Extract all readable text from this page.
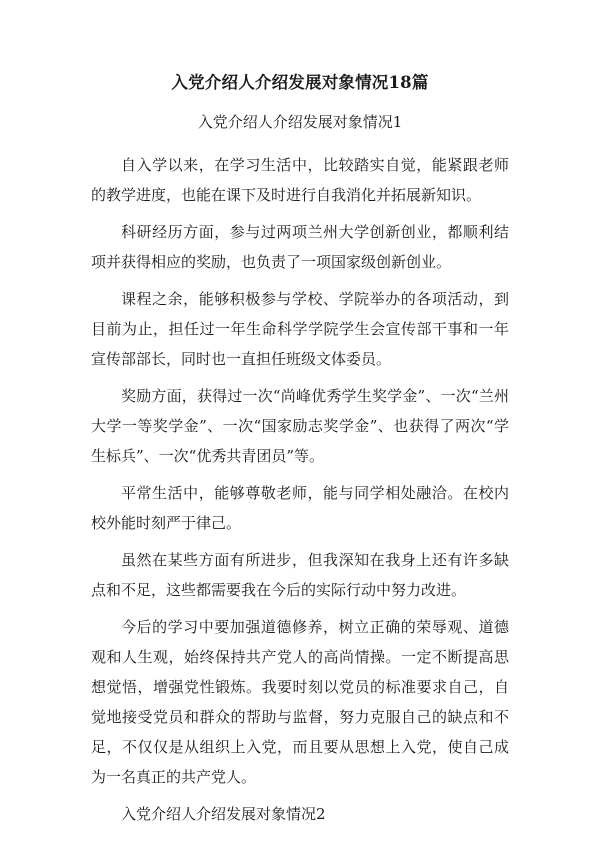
入党介绍人介绍发展对象情况18篇

入党介绍人介绍发展对象情况1

自入学以来，在学习生活中，比较踏实自觉，能紧跟老师的教学进度，也能在课下及时进行自我消化并拓展新知识。

科研经历方面，参与过两项兰州大学创新创业，都顺利结项并获得相应的奖励，也负责了一项国家级创新创业。

课程之余，能够积极参与学校、学院举办的各项活动，到目前为止，担任过一年生命科学学院学生会宣传部干事和一年宣传部部长，同时也一直担任班级文体委员。

奖励方面，获得过一次“尚峰优秀学生奖学金”、一次“兰州大学一等奖学金”、一次“国家励志奖学金”、也获得了两次“学生标兵”、一次“优秀共青团员”等。

平常生活中，能够尊敬老师，能与同学相处融洽。在校内校外能时刻严于律己。

虽然在某些方面有所进步，但我深知在我身上还有许多缺点和不足，这些都需要我在今后的实际行动中努力改进。

今后的学习中要加强道德修养，树立正确的荣辱观、道德观和人生观，始终保持共产党人的高尚情操。一定不断提高思想觉悟，增强党性锻炼。我要时刻以党员的标准要求自己，自觉地接受党员和群众的帮助与监督，努力克服自己的缺点和不足，不仅仅是从组织上入党，而且要从思想上入党，使自己成为一名真正的共产党人。

入党介绍人介绍发展对象情况2
